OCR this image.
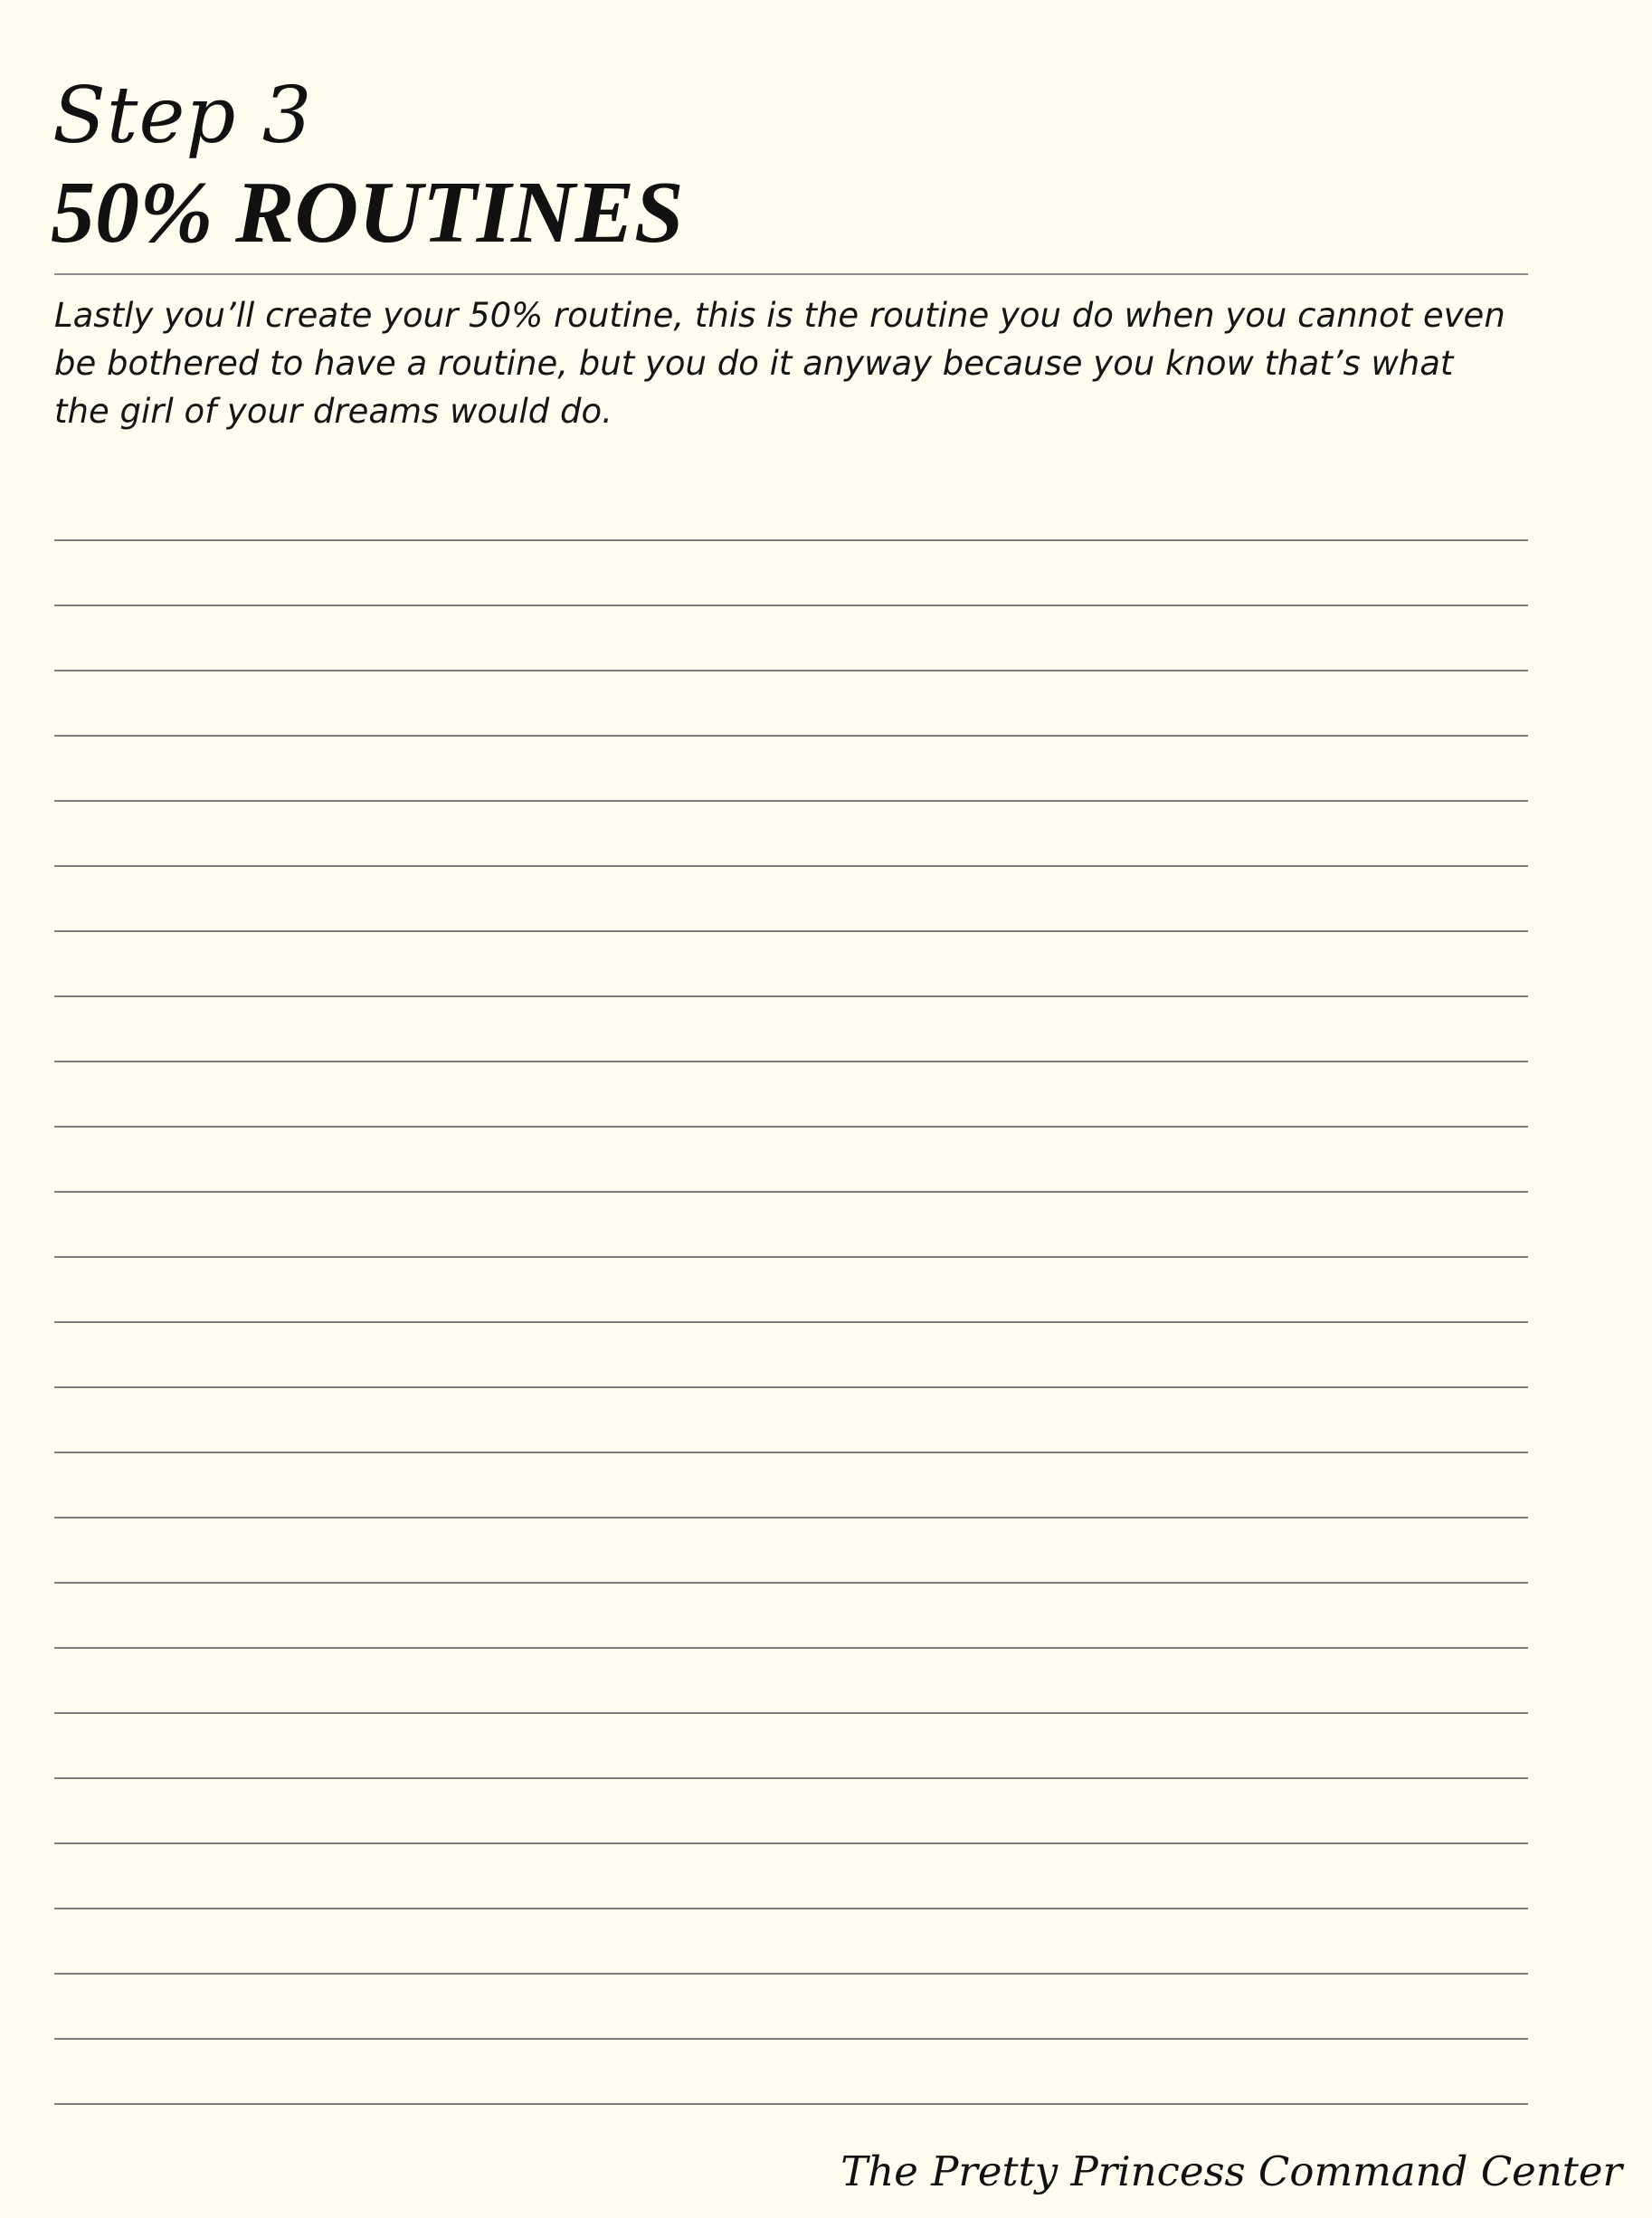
Step 3
50% ROUTINES
Lastly you’ll create your 50% routine, this is the routine you do when you cannot even
be bothered to have a routine, but you do it anyway because you know that’s what
the girl of your dreams would do.
The Pretty Princess Command Center
